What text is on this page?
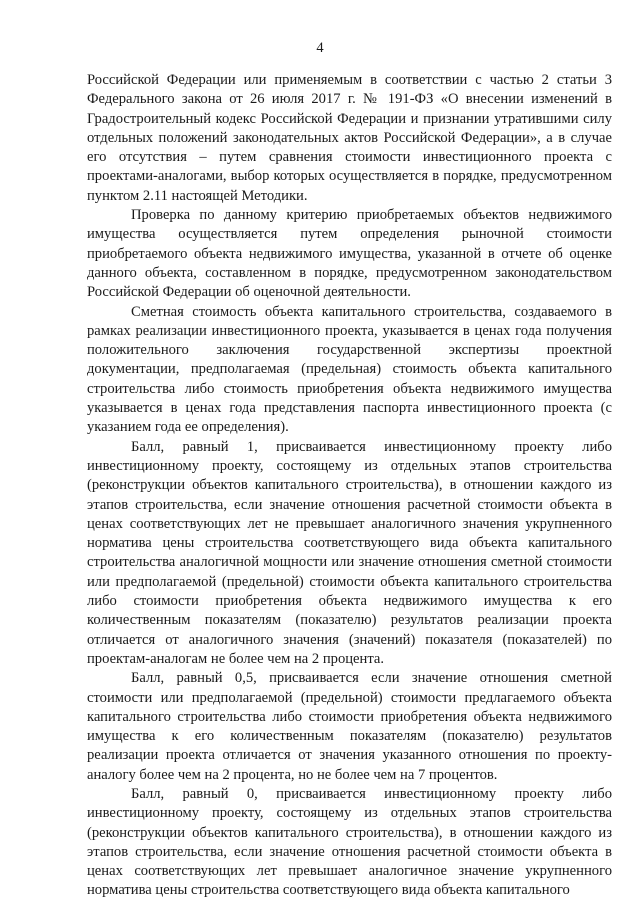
4

Российской Федерации или применяемым в соответствии с частью 2 статьи 3 Федерального закона от 26 июля 2017 г. № 191-ФЗ «О внесении изменений в Градостроительный кодекс Российской Федерации и признании утратившими силу отдельных положений законодательных актов Российской Федерации», а в случае его отсутствия – путем сравнения стоимости инвестиционного проекта с проектами-аналогами, выбор которых осуществляется в порядке, предусмотренном пунктом 2.11 настоящей Методики.

Проверка по данному критерию приобретаемых объектов недвижимого имущества осуществляется путем определения рыночной стоимости приобретаемого объекта недвижимого имущества, указанной в отчете об оценке данного объекта, составленном в порядке, предусмотренном законодательством Российской Федерации об оценочной деятельности.

Сметная стоимость объекта капитального строительства, создаваемого в рамках реализации инвестиционного проекта, указывается в ценах года получения положительного заключения государственной экспертизы проектной документации, предполагаемая (предельная) стоимость объекта капитального строительства либо стоимость приобретения объекта недвижимого имущества указывается в ценах года представления паспорта инвестиционного проекта (с указанием года ее определения).

Балл, равный 1, присваивается инвестиционному проекту либо инвестиционному проекту, состоящему из отдельных этапов строительства (реконструкции объектов капитального строительства), в отношении каждого из этапов строительства, если значение отношения расчетной стоимости объекта в ценах соответствующих лет не превышает аналогичного значения укрупненного норматива цены строительства соответствующего вида объекта капитального строительства аналогичной мощности или значение отношения сметной стоимости или предполагаемой (предельной) стоимости объекта капитального строительства либо стоимости приобретения объекта недвижимого имущества к его количественным показателям (показателю) результатов реализации проекта отличается от аналогичного значения (значений) показателя (показателей) по проектам-аналогам не более чем на 2 процента.

Балл, равный 0,5, присваивается если значение отношения сметной стоимости или предполагаемой (предельной) стоимости предлагаемого объекта капитального строительства либо стоимости приобретения объекта недвижимого имущества к его количественным показателям (показателю) результатов реализации проекта отличается от значения указанного отношения по проекту-аналогу более чем на 2 процента, но не более чем на 7 процентов.

Балл, равный 0, присваивается инвестиционному проекту либо инвестиционному проекту, состоящему из отдельных этапов строительства (реконструкции объектов капитального строительства), в отношении каждого из этапов строительства, если значение отношения расчетной стоимости объекта в ценах соответствующих лет превышает аналогичное значение укрупненного норматива цены строительства соответствующего вида объекта капитального
